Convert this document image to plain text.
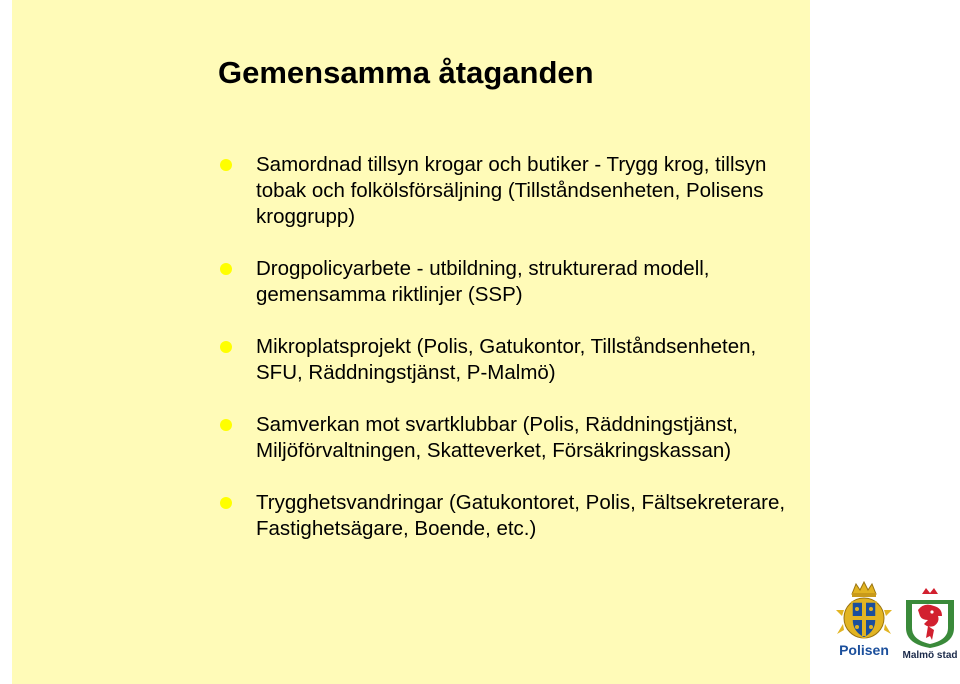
Gemensamma åtaganden
Samordnad tillsyn krogar och butiker - Trygg krog, tillsyn
tobak och folkölsförsäljning (Tillståndsenheten, Polisens
kroggrupp)
Drogpolicyarbete - utbildning, strukturerad modell,
gemensamma riktlinjer (SSP)
Mikroplatsprojekt (Polis, Gatukontor, Tillståndsenheten,
SFU, Räddningstjänst, P-Malmö)
Samverkan mot svartklubbar (Polis, Räddningstjänst,
Miljöförvaltningen, Skatteverket, Försäkringskassan)
Trygghetsvandringar (Gatukontoret, Polis, Fältsekreterare,
Fastighetsägare, Boende, etc.)
Polisen	Malmö stad
